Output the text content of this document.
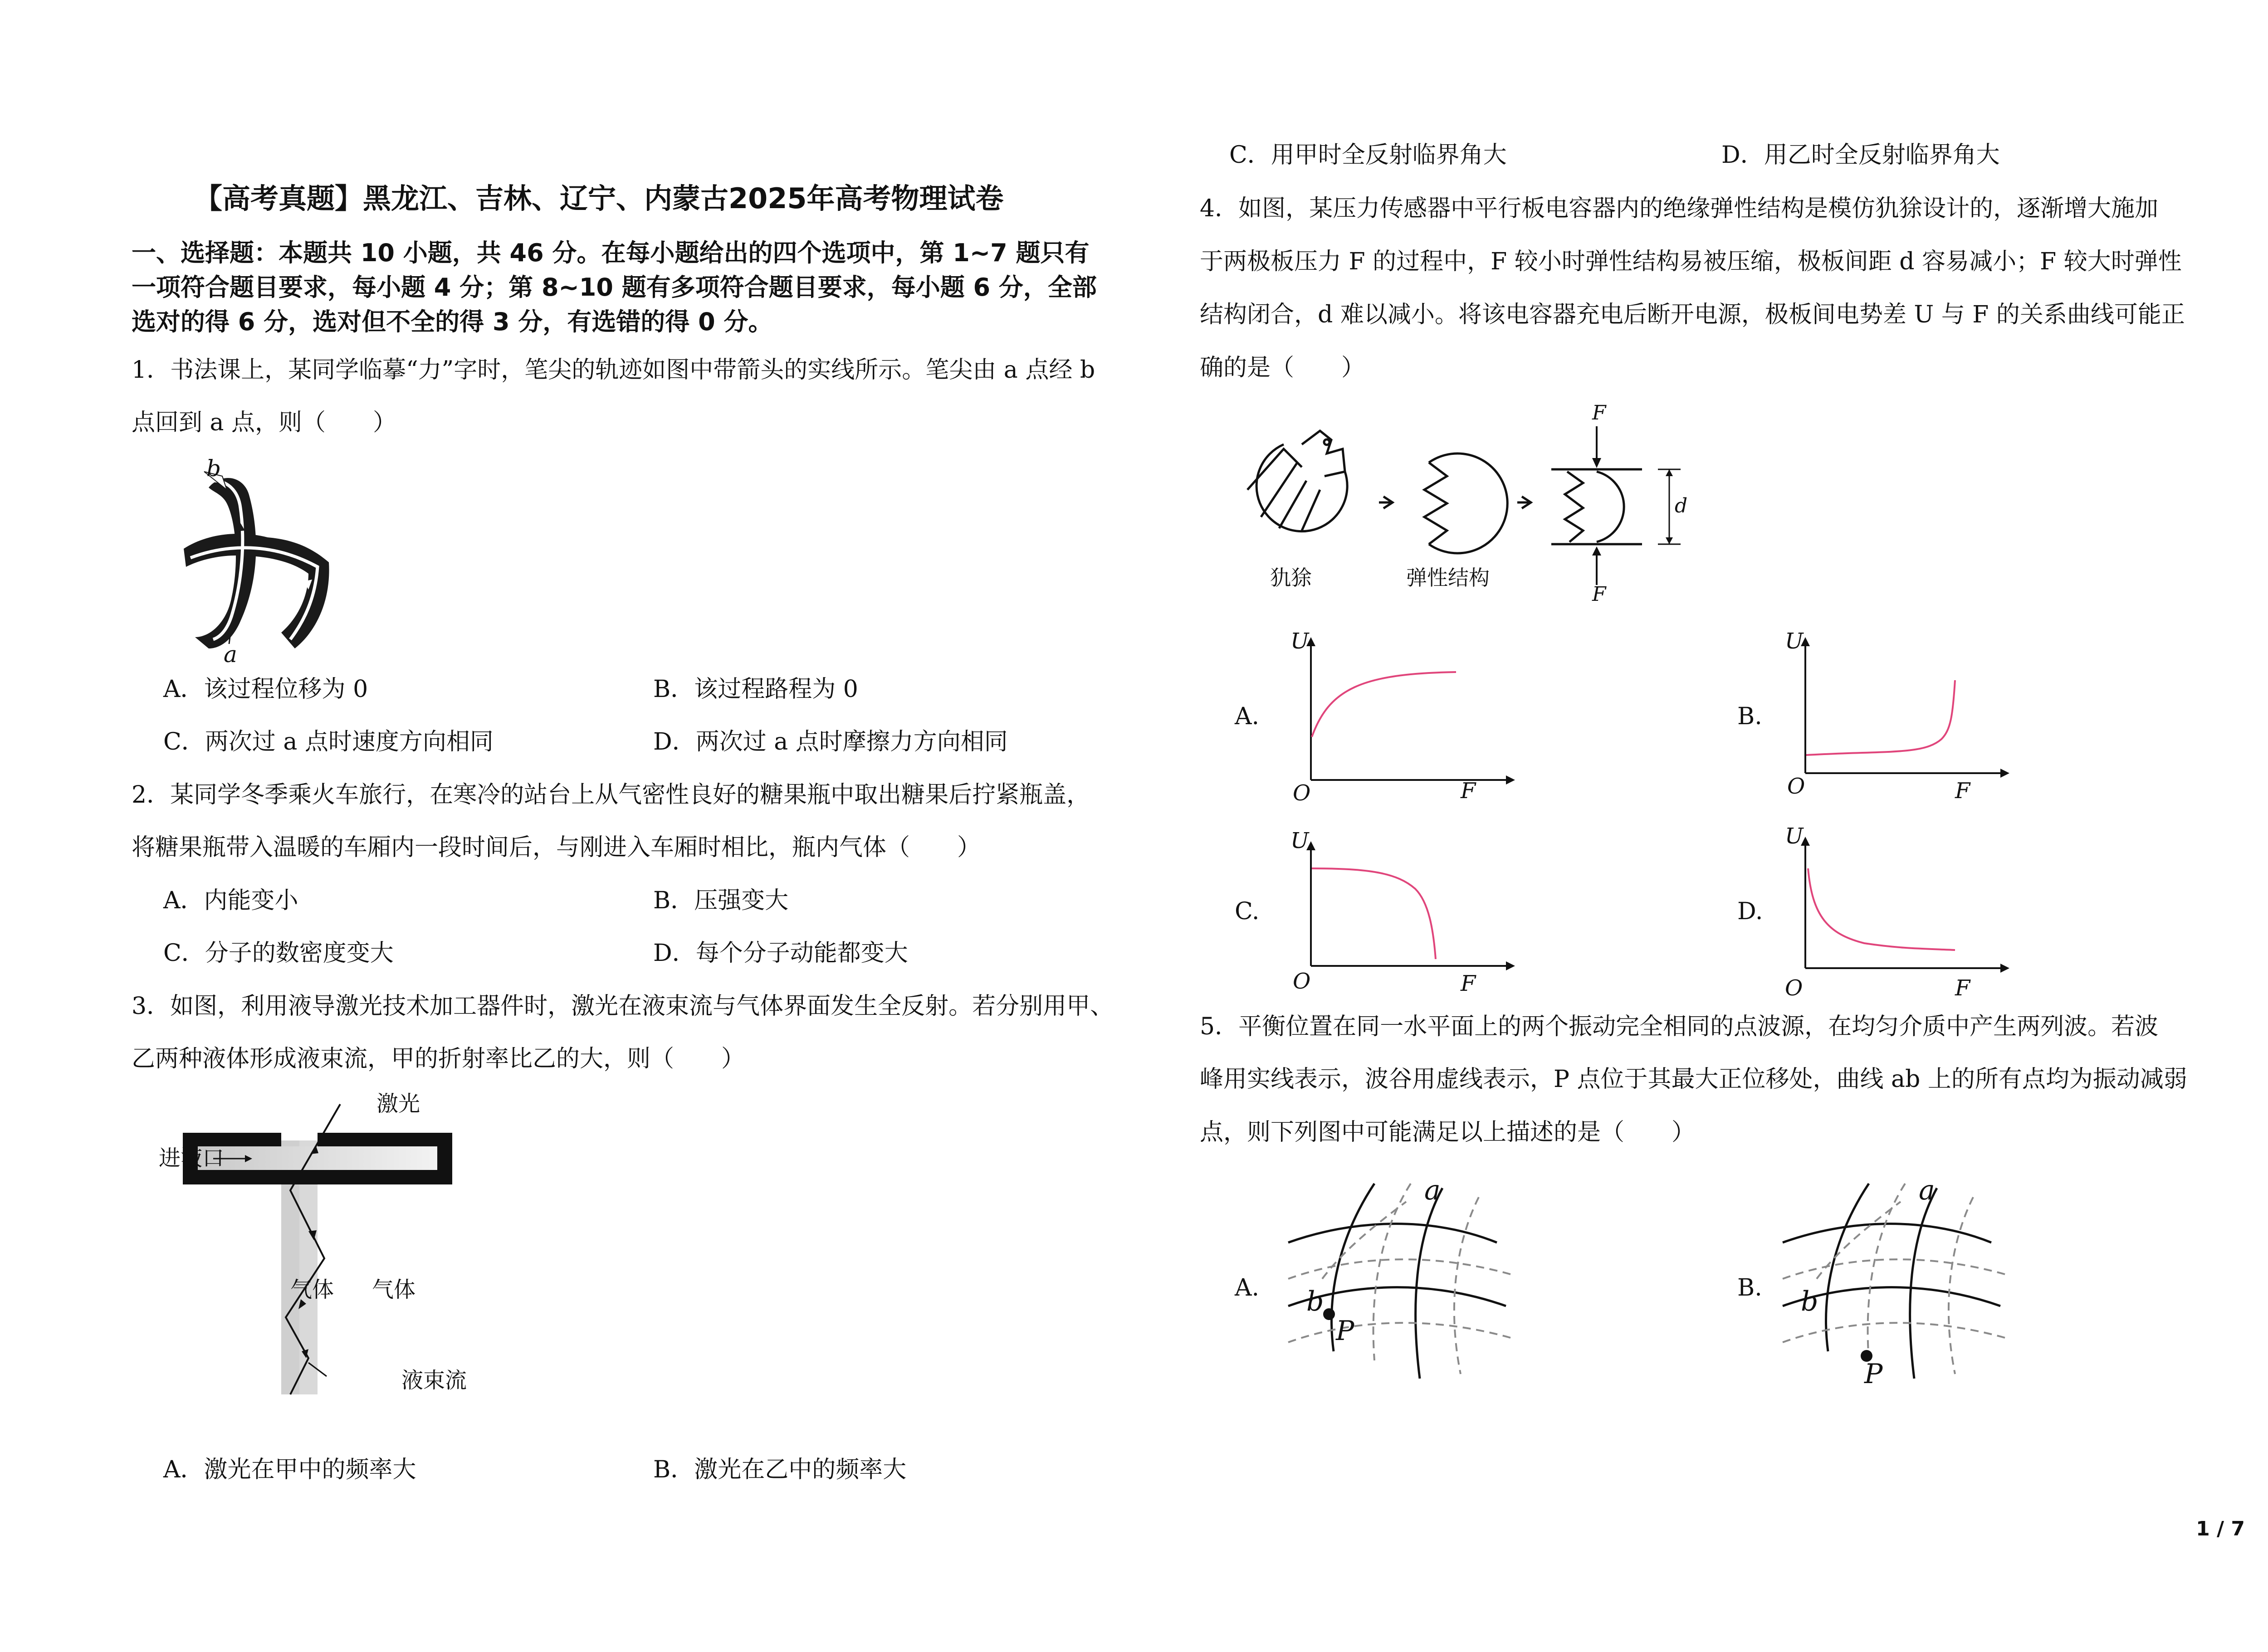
【高考真题】黑龙江、吉林、辽宁、内蒙古2025年高考物理试卷
一、选择题：本题共 10 小题，共 46 分。在每小题给出的四个选项中，第 1~7 题只有
一项符合题目要求，每小题 4 分；第 8~10 题有多项符合题目要求，每小题 6 分，全部
选对的得 6 分，选对但不全的得 3 分，有选错的得 0 分。
1．书法课上，某同学临摹“力”字时，笔尖的轨迹如图中带箭头的实线所示。笔尖由 a 点经 b
点回到 a 点，则（　　）
b
a
A．该过程位移为 0	B．该过程路程为 0
C．两次过 a 点时速度方向相同	D．两次过 a 点时摩擦力方向相同
2．某同学冬季乘火车旅行，在寒冷的站台上从气密性良好的糖果瓶中取出糖果后拧紧瓶盖，
将糖果瓶带入温暖的车厢内一段时间后，与刚进入车厢时相比，瓶内气体（　　）
A．内能变小	B．压强变大
C．分子的数密度变大	D．每个分子动能都变大
3．如图，利用液导激光技术加工器件时，激光在液束流与气体界面发生全反射。若分别用甲、
乙两种液体形成液束流，甲的折射率比乙的大，则（　　）
激光
进液口
气体 气体
液束流
A．激光在甲中的频率大	B．激光在乙中的频率大
C．用甲时全反射临界角大	D．用乙时全反射临界角大
4．如图，某压力传感器中平行板电容器内的绝缘弹性结构是模仿犰狳设计的，逐渐增大施加
于两极板压力 F 的过程中，F 较小时弹性结构易被压缩，极板间距 d 容易减小；F 较大时弹性
结构闭合，d 难以减小。将该电容器充电后断开电源，极板间电势差 U 与 F 的关系曲线可能正
确的是（　　）
F
F
d
犰狳	弹性结构
A.
U
F
O
B.
U
F
O
C.
U
F
O
D.
U
F
O
5．平衡位置在同一水平面上的两个振动完全相同的点波源，在均匀介质中产生两列波。若波
峰用实线表示，波谷用虚线表示，P 点位于其最大正位移处，曲线 ab 上的所有点均为振动减弱
点，则下列图中可能满足以上描述的是（　　）
A.
a
b
P
B.
a
b
P
1 / 7
